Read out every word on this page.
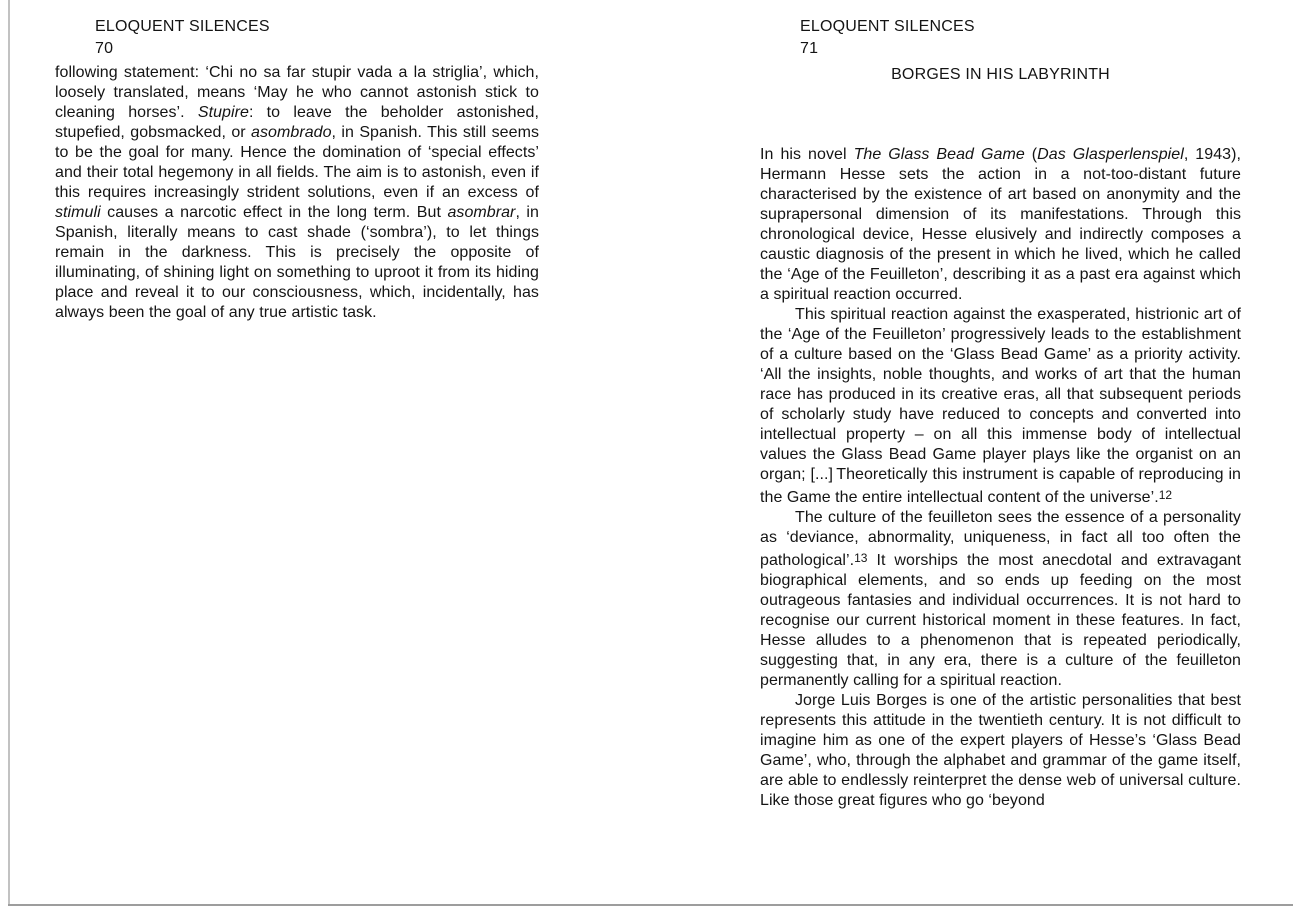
ELOQUENT SILENCES
70

following statement: ‘Chi no sa far stupir vada a la striglia’, which, loosely translated, means ‘May he who cannot astonish stick to cleaning horses’. Stupire: to leave the beholder astonished, stupefied, gobsmacked, or asombrado, in Spanish. This still seems to be the goal for many. Hence the domination of ‘special effects’ and their total hegemony in all fields. The aim is to astonish, even if this requires increasingly strident solutions, even if an excess of stimuli causes a narcotic effect in the long term. But asombrar, in Spanish, literally means to cast shade (‘sombra’), to let things remain in the darkness. This is precisely the opposite of illuminating, of shining light on something to uproot it from its hiding place and reveal it to our consciousness, which, incidentally, has always been the goal of any true artistic task.

ELOQUENT SILENCES
71
BORGES IN HIS LABYRINTH

In his novel The Glass Bead Game (Das Glasperlenspiel, 1943), Hermann Hesse sets the action in a not-too-distant future characterised by the existence of art based on anonymity and the suprapersonal dimension of its manifestations. Through this chronological device, Hesse elusively and indirectly composes a caustic diagnosis of the present in which he lived, which he called the ‘Age of the Feuilleton’, describing it as a past era against which a spiritual reaction occurred.

This spiritual reaction against the exasperated, histrionic art of the ‘Age of the Feuilleton’ progressively leads to the establishment of a culture based on the ‘Glass Bead Game’ as a priority activity. ‘All the insights, noble thoughts, and works of art that the human race has produced in its creative eras, all that subsequent periods of scholarly study have reduced to concepts and converted into intellectual property – on all this immense body of intellectual values the Glass Bead Game player plays like the organist on an organ; [...] Theoretically this instrument is capable of reproducing in the Game the entire intellectual content of the universe’.$^{12}$

The culture of the feuilleton sees the essence of a personality as ‘deviance, abnormality, uniqueness, in fact all too often the pathological’.$^{13}$ It worships the most anecdotal and extravagant biographical elements, and so ends up feeding on the most outrageous fantasies and individual occurrences. It is not hard to recognise our current historical moment in these features. In fact, Hesse alludes to a phenomenon that is repeated periodically, suggesting that, in any era, there is a culture of the feuilleton permanently calling for a spiritual reaction.

Jorge Luis Borges is one of the artistic personalities that best represents this attitude in the twentieth century. It is not difficult to imagine him as one of the expert players of Hesse’s ‘Glass Bead Game’, who, through the alphabet and grammar of the game itself, are able to endlessly reinterpret the dense web of universal culture. Like those great figures who go ‘beyond
